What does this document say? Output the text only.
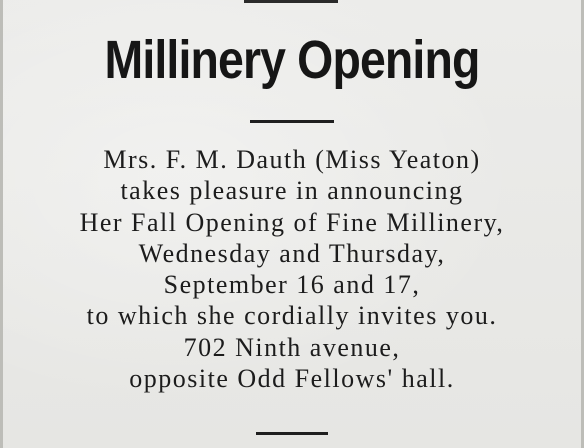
Millinery Opening
Mrs. F. M. Dauth (Miss Yeaton)
takes pleasure in announcing
Her Fall Opening of Fine Millinery,
Wednesday and Thursday,
September 16 and 17,
to which she cordially invites you.
702 Ninth avenue,
opposite Odd Fellows' hall.
